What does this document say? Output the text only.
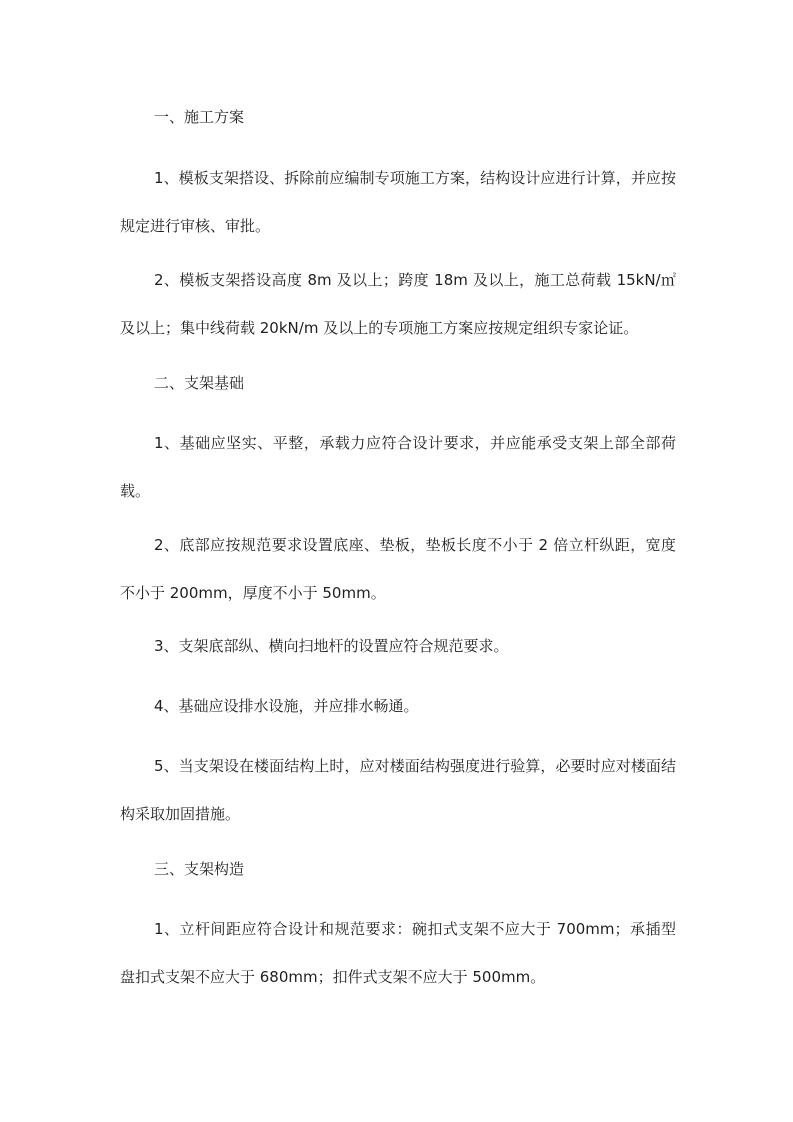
一、施工方案

1、模板支架搭设、拆除前应编制专项施工方案，结构设计应进行计算，并应按规定进行审核、审批。

2、模板支架搭设高度 8m 及以上；跨度 18m 及以上，施工总荷载 15kN/㎡及以上；集中线荷载 20kN/m 及以上的专项施工方案应按规定组织专家论证。

二、支架基础

1、基础应坚实、平整，承载力应符合设计要求，并应能承受支架上部全部荷载。

2、底部应按规范要求设置底座、垫板，垫板长度不小于 2 倍立杆纵距，宽度不小于 200mm，厚度不小于 50mm。

3、支架底部纵、横向扫地杆的设置应符合规范要求。

4、基础应设排水设施，并应排水畅通。

5、当支架设在楼面结构上时，应对楼面结构强度进行验算，必要时应对楼面结构采取加固措施。

三、支架构造

1、立杆间距应符合设计和规范要求：碗扣式支架不应大于 700mm；承插型盘扣式支架不应大于 680mm；扣件式支架不应大于 500mm。
